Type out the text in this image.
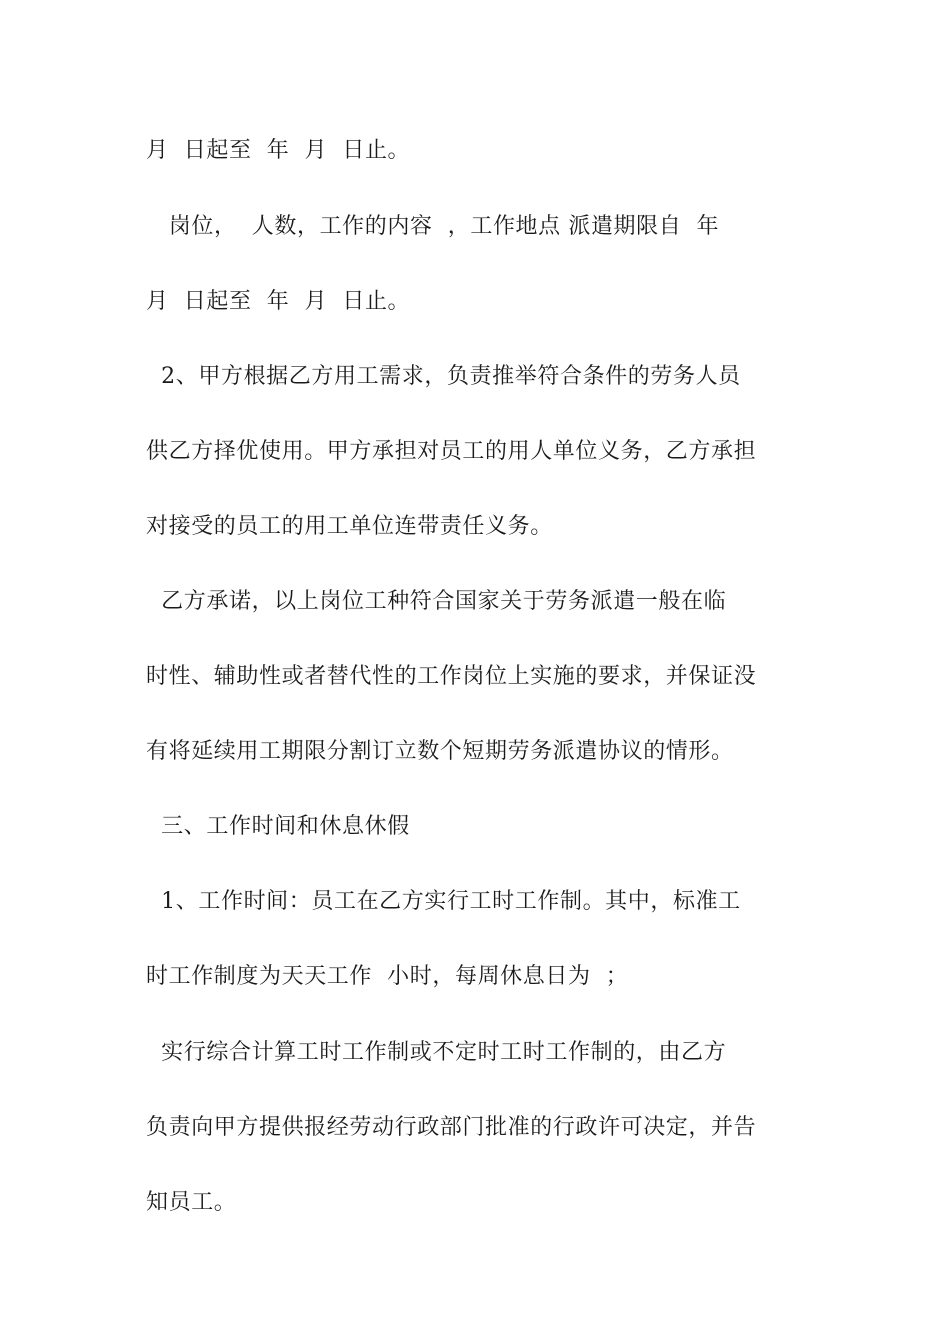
月  日起至  年  月  日止。
岗位，  人数，工作的内容  ，工作地点 派遣期限自  年
月  日起至  年  月  日止。
2、甲方根据乙方用工需求，负责推举符合条件的劳务人员
供乙方择优使用。甲方承担对员工的用人单位义务，乙方承担
对接受的员工的用工单位连带责任义务。
乙方承诺，以上岗位工种符合国家关于劳务派遣一般在临
时性、辅助性或者替代性的工作岗位上实施的要求，并保证没
有将延续用工期限分割订立数个短期劳务派遣协议的情形。
三、工作时间和休息休假
1、工作时间：员工在乙方实行工时工作制。其中，标准工
时工作制度为天天工作  小时，每周休息日为  ；
实行综合计算工时工作制或不定时工时工作制的，由乙方
负责向甲方提供报经劳动行政部门批准的行政许可决定，并告
知员工。
